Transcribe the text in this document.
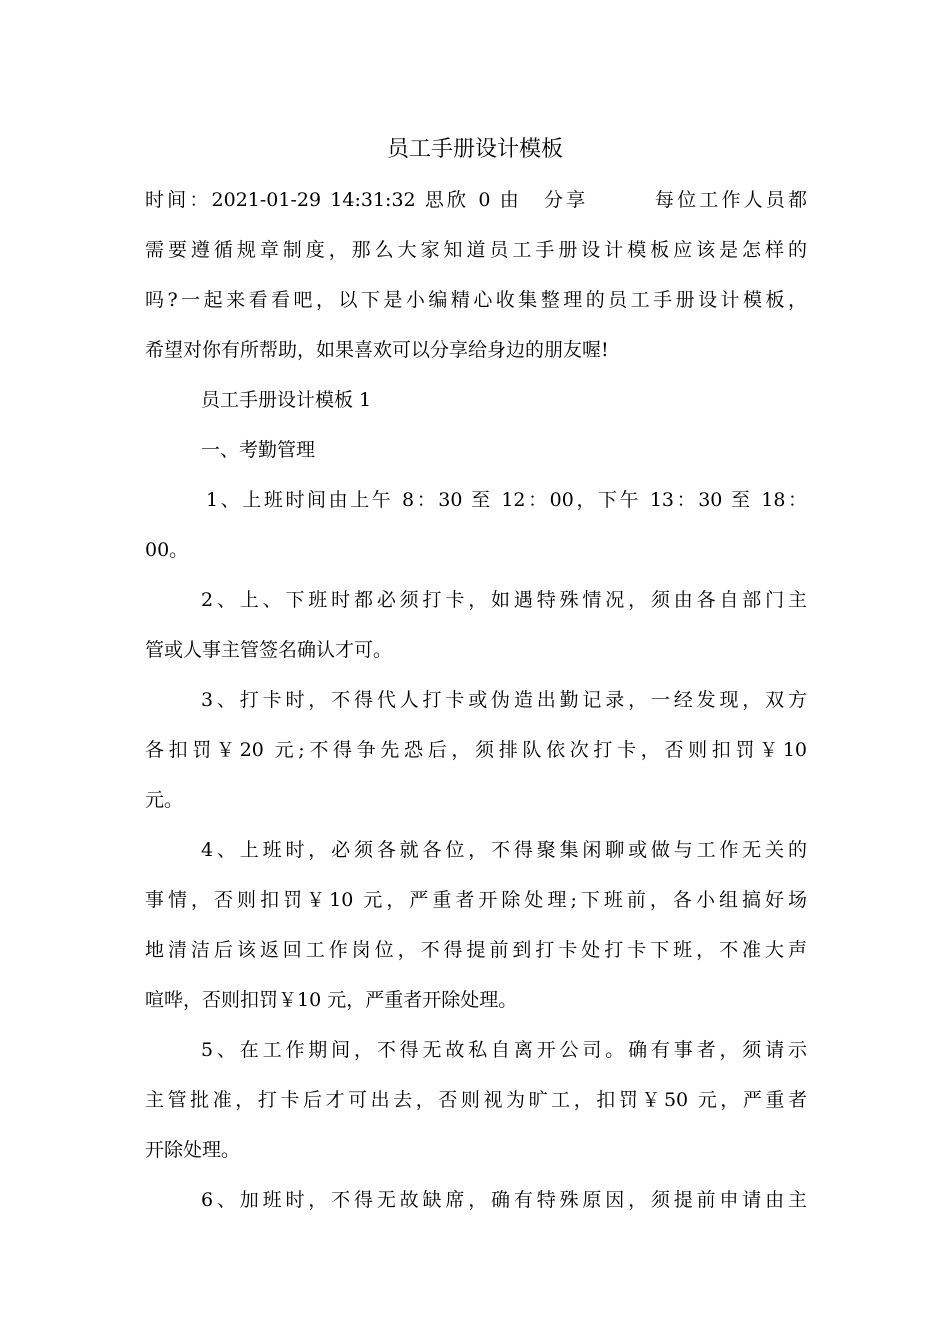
员工手册设计模板
时间：2021-01-29 14:31:32 思欣 0 由　分享　　　每位工作人员都
需要遵循规章制度，那么大家知道员工手册设计模板应该是怎样的
吗?一起来看看吧，以下是小编精心收集整理的员工手册设计模板，
希望对你有所帮助，如果喜欢可以分享给身边的朋友喔!
员工手册设计模板 1
一、考勤管理
1、上班时间由上午 8：30 至 12：00，下午 13：30 至 18：
00。
2、上、下班时都必须打卡，如遇特殊情况，须由各自部门主
管或人事主管签名确认才可。
3、打卡时，不得代人打卡或伪造出勤记录，一经发现，双方
各扣罚￥20 元;不得争先恐后，须排队依次打卡，否则扣罚￥10
元。
4、上班时，必须各就各位，不得聚集闲聊或做与工作无关的
事情，否则扣罚￥10 元，严重者开除处理;下班前，各小组搞好场
地清洁后该返回工作岗位，不得提前到打卡处打卡下班，不准大声
喧哗，否则扣罚￥10 元，严重者开除处理。
5、在工作期间，不得无故私自离开公司。确有事者，须请示
主管批准，打卡后才可出去，否则视为旷工，扣罚￥50 元，严重者
开除处理。
6、加班时，不得无故缺席，确有特殊原因，须提前申请由主
